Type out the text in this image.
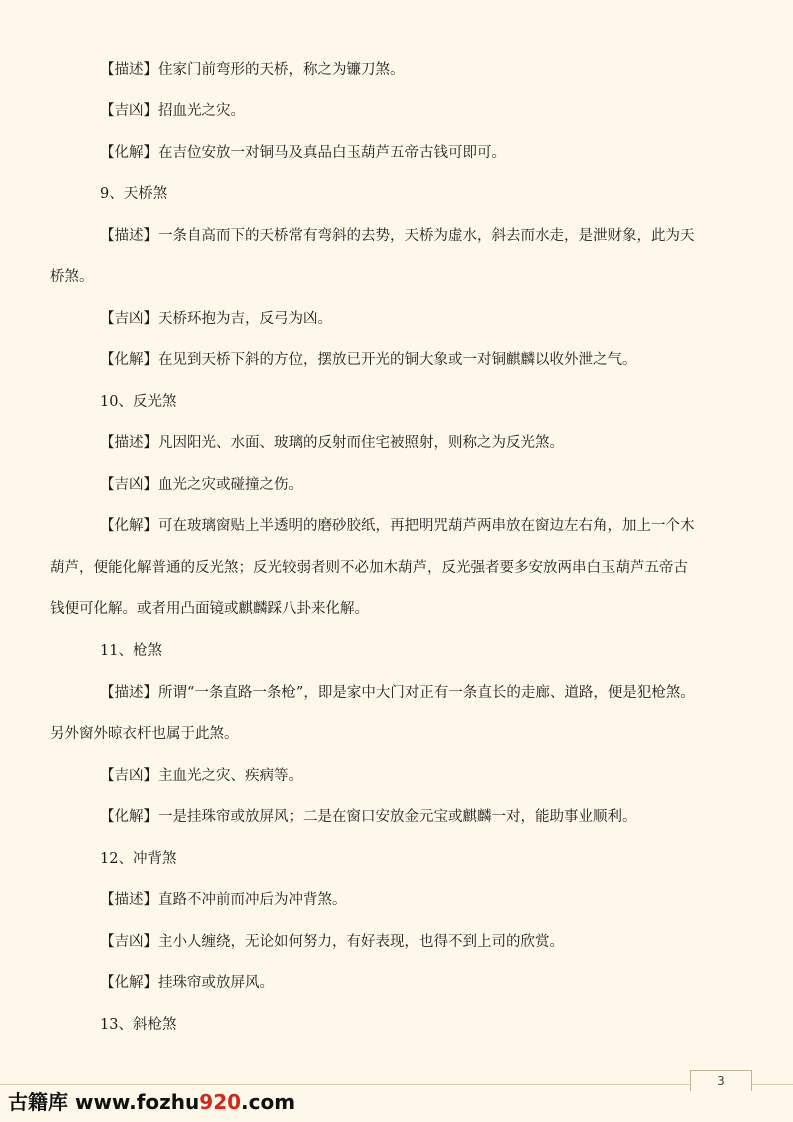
【描述】住家门前弯形的天桥，称之为镰刀煞。
【吉凶】招血光之灾。
【化解】在吉位安放一对铜马及真品白玉葫芦五帝古钱可即可。
9、天桥煞
【描述】一条自高而下的天桥常有弯斜的去势，天桥为虚水，斜去而水走，是泄财象，此为天
桥煞。
【吉凶】天桥环抱为吉，反弓为凶。
【化解】在见到天桥下斜的方位，摆放已开光的铜大象或一对铜麒麟以收外泄之气。
10、反光煞
【描述】凡因阳光、水面、玻璃的反射而住宅被照射，则称之为反光煞。
【吉凶】血光之灾或碰撞之伤。
【化解】可在玻璃窗贴上半透明的磨砂胶纸，再把明咒葫芦两串放在窗边左右角，加上一个木
葫芦，便能化解普通的反光煞；反光较弱者则不必加木葫芦，反光强者要多安放两串白玉葫芦五帝古
钱便可化解。或者用凸面镜或麒麟踩八卦来化解。
11、枪煞
【描述】所谓“一条直路一条枪”，即是家中大门对正有一条直长的走廊、道路，便是犯枪煞。
另外窗外晾衣杆也属于此煞。
【吉凶】主血光之灾、疾病等。
【化解】一是挂珠帘或放屏风；二是在窗口安放金元宝或麒麟一对，能助事业顺利。
12、冲背煞
【描述】直路不冲前而冲后为冲背煞。
【吉凶】主小人缠绕，无论如何努力，有好表现，也得不到上司的欣赏。
【化解】挂珠帘或放屏风。
13、斜枪煞
3
古籍库 www.fozhu920.com
